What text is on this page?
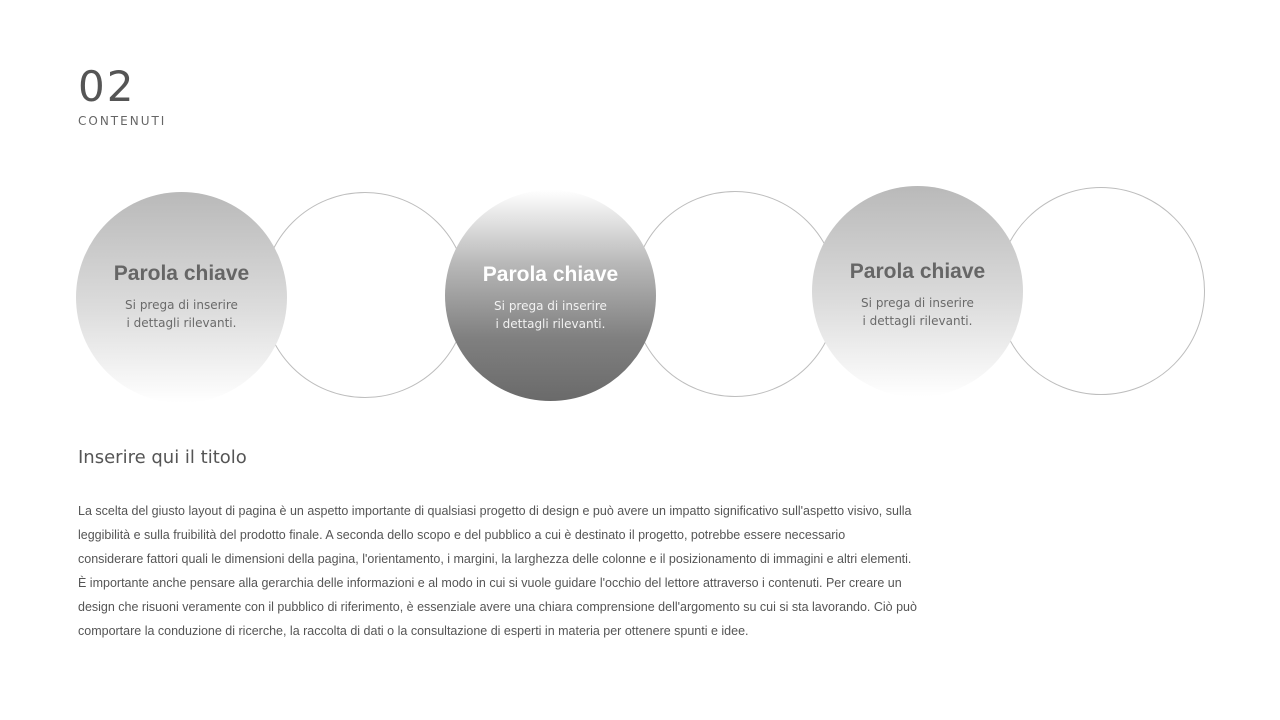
02
CONTENUTI
Parola chiave
Si prega di inserire
i dettagli rilevanti.
Parola chiave
Si prega di inserire
i dettagli rilevanti.
Parola chiave
Si prega di inserire
i dettagli rilevanti.
Inserire qui il titolo
La scelta del giusto layout di pagina è un aspetto importante di qualsiasi progetto di design e può avere un impatto significativo sull'aspetto visivo, sulla
leggibilità e sulla fruibilità del prodotto finale. A seconda dello scopo e del pubblico a cui è destinato il progetto, potrebbe essere necessario
considerare fattori quali le dimensioni della pagina, l'orientamento, i margini, la larghezza delle colonne e il posizionamento di immagini e altri elementi.
È importante anche pensare alla gerarchia delle informazioni e al modo in cui si vuole guidare l'occhio del lettore attraverso i contenuti. Per creare un
design che risuoni veramente con il pubblico di riferimento, è essenziale avere una chiara comprensione dell'argomento su cui si sta lavorando. Ciò può
comportare la conduzione di ricerche, la raccolta di dati o la consultazione di esperti in materia per ottenere spunti e idee.
